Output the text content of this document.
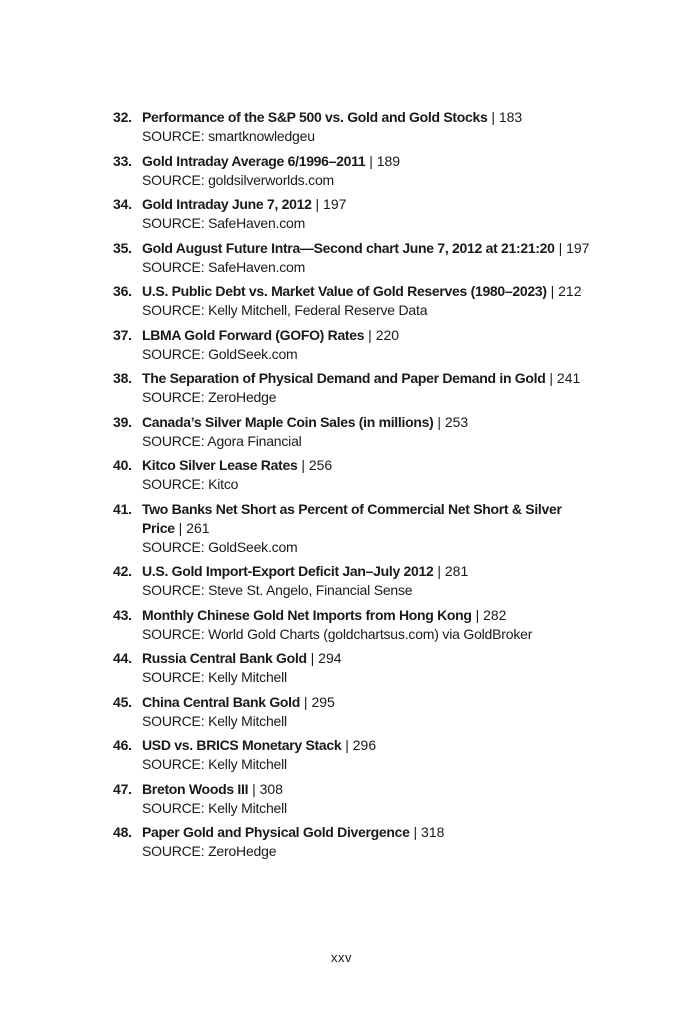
32. Performance of the S&P 500 vs. Gold and Gold Stocks | 183
SOURCE: smartknowledgeu
33. Gold Intraday Average 6/1996–2011 | 189
SOURCE: goldsilverworlds.com
34. Gold Intraday June 7, 2012 | 197
SOURCE: SafeHaven.com
35. Gold August Future Intra—Second chart June 7, 2012 at 21:21:20 | 197
SOURCE: SafeHaven.com
36. U.S. Public Debt vs. Market Value of Gold Reserves (1980–2023) | 212
SOURCE: Kelly Mitchell, Federal Reserve Data
37. LBMA Gold Forward (GOFO) Rates | 220
SOURCE: GoldSeek.com
38. The Separation of Physical Demand and Paper Demand in Gold | 241
SOURCE: ZeroHedge
39. Canada’s Silver Maple Coin Sales (in millions) | 253
SOURCE: Agora Financial
40. Kitco Silver Lease Rates | 256
SOURCE: Kitco
41. Two Banks Net Short as Percent of Commercial Net Short & Silver Price | 261
SOURCE: GoldSeek.com
42. U.S. Gold Import-Export Deficit Jan–July 2012 | 281
SOURCE: Steve St. Angelo, Financial Sense
43. Monthly Chinese Gold Net Imports from Hong Kong | 282
SOURCE: World Gold Charts (goldchartsus.com) via GoldBroker
44. Russia Central Bank Gold | 294
SOURCE: Kelly Mitchell
45. China Central Bank Gold | 295
SOURCE: Kelly Mitchell
46. USD vs. BRICS Monetary Stack | 296
SOURCE: Kelly Mitchell
47. Breton Woods III | 308
SOURCE: Kelly Mitchell
48. Paper Gold and Physical Gold Divergence | 318
SOURCE: ZeroHedge
xxv
